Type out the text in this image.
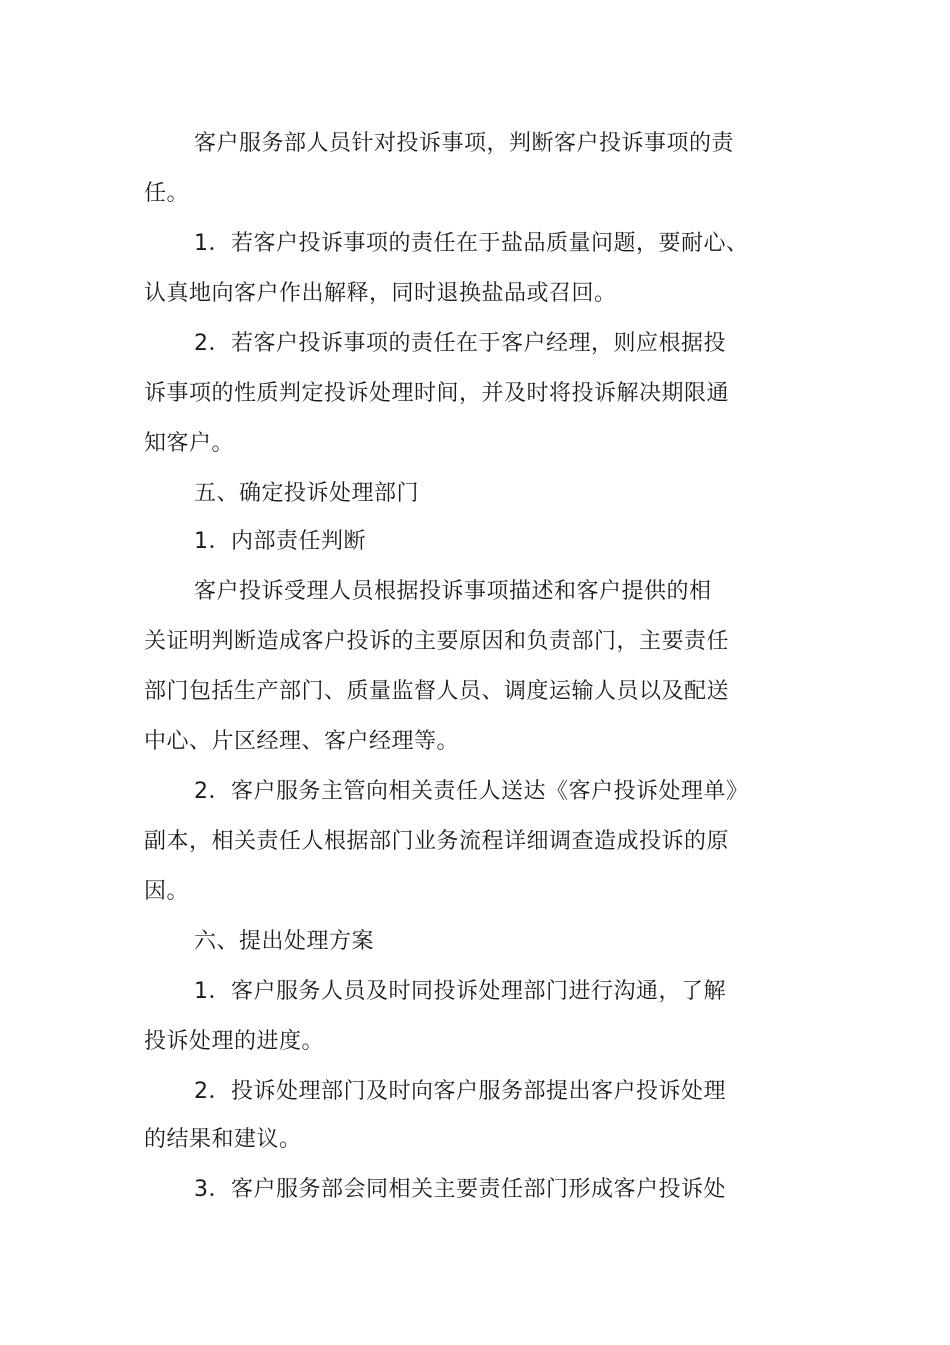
客户服务部人员针对投诉事项，判断客户投诉事项的责
任。
1．若客户投诉事项的责任在于盐品质量问题，要耐心、
认真地向客户作出解释，同时退换盐品或召回。
2．若客户投诉事项的责任在于客户经理，则应根据投
诉事项的性质判定投诉处理时间，并及时将投诉解决期限通
知客户。
五、确定投诉处理部门
1．内部责任判断
客户投诉受理人员根据投诉事项描述和客户提供的相
关证明判断造成客户投诉的主要原因和负责部门，主要责任
部门包括生产部门、质量监督人员、调度运输人员以及配送
中心、片区经理、客户经理等。
2．客户服务主管向相关责任人送达《客户投诉处理单》
副本，相关责任人根据部门业务流程详细调查造成投诉的原
因。
六、提出处理方案
1．客户服务人员及时同投诉处理部门进行沟通，了解
投诉处理的进度。
2．投诉处理部门及时向客户服务部提出客户投诉处理
的结果和建议。
3．客户服务部会同相关主要责任部门形成客户投诉处
